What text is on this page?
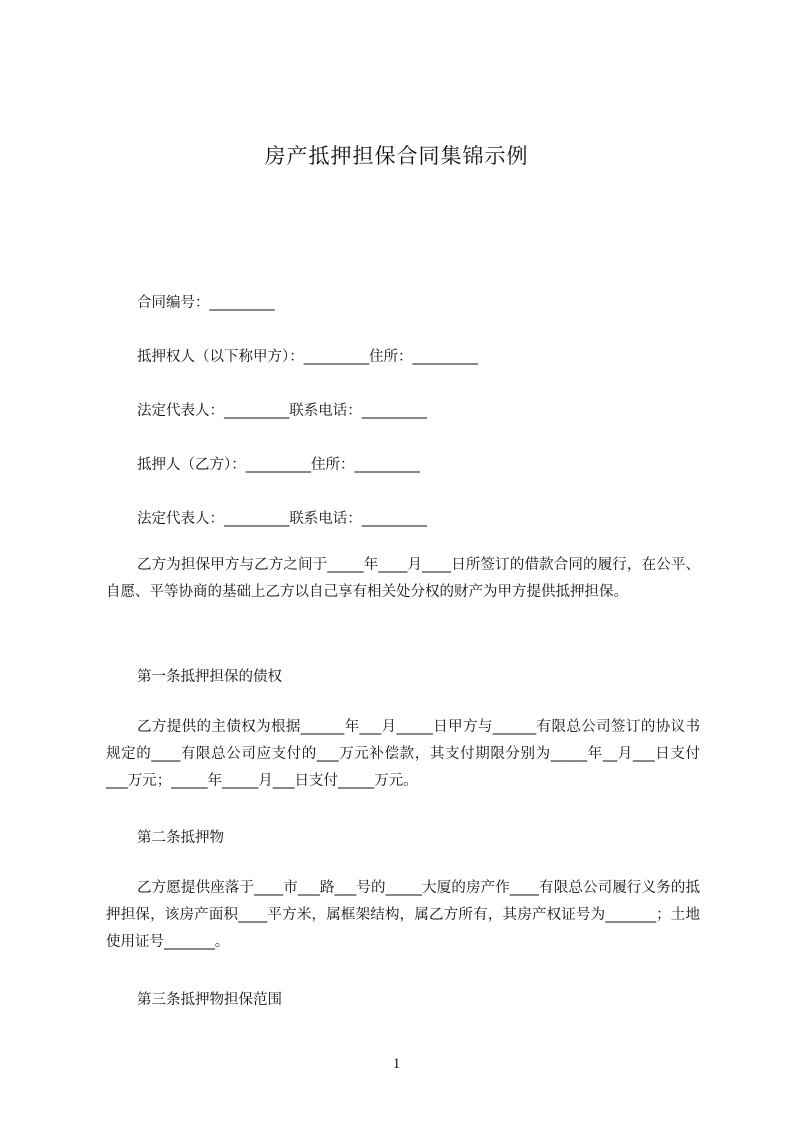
房产抵押担保合同集锦示例
合同编号：_________
抵押权人（以下称甲方）：_________住所：_________
法定代表人：_________联系电话：_________
抵押人（乙方）：_________住所：_________
法定代表人：_________联系电话：_________

乙方为担保甲方与乙方之间于_____年____月____日所签订的借款合同的履行，在公平、自愿、平等协商的基础上乙方以自己享有相关处分权的财产为甲方提供抵押担保。

第一条抵押担保的债权

乙方提供的主债权为根据______年___月_____日甲方与______有限总公司签订的协议书规定的____有限总公司应支付的___万元补偿款，其支付期限分别为_____年__月___日支付___万元；_____年_____月___日支付_____万元。

第二条抵押物

乙方愿提供座落于____市___路___号的_____大厦的房产作____有限总公司履行义务的抵押担保，该房产面积____平方米，属框架结构，属乙方所有，其房产权证号为_______；土地使用证号_______。

第三条抵押物担保范围
1
